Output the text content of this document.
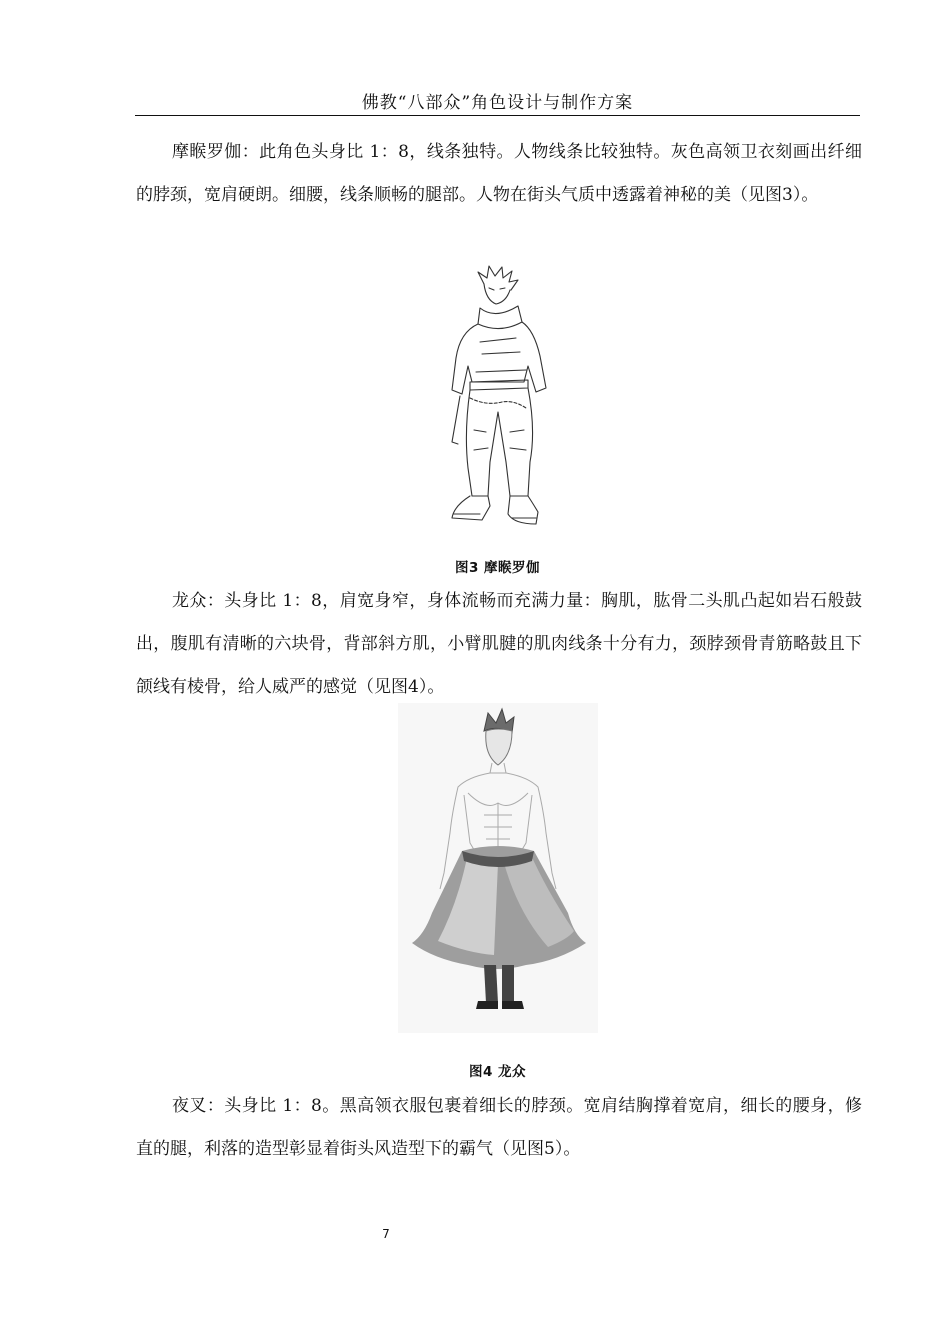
佛教“八部众”角色设计与制作方案

摩睺罗伽：此角色头身比 1：8，线条独特。人物线条比较独特。灰色高领卫衣刻画出纤细的脖颈，宽肩硬朗。细腰，线条顺畅的腿部。人物在街头气质中透露着神秘的美（见图3）。

图3 摩睺罗伽

龙众：头身比 1：8，肩宽身窄，身体流畅而充满力量：胸肌，肱骨二头肌凸起如岩石般鼓出，腹肌有清晰的六块骨，背部斜方肌，小臂肌腱的肌肉线条十分有力，颈脖颈骨青筋略鼓且下颌线有棱骨，给人威严的感觉（见图4）。

图4 龙众

夜叉：头身比 1：8。黑高领衣服包裹着细长的脖颈。宽肩结胸撑着宽肩，细长的腰身，修直的腿，利落的造型彰显着街头风造型下的霸气（见图5）。

7
